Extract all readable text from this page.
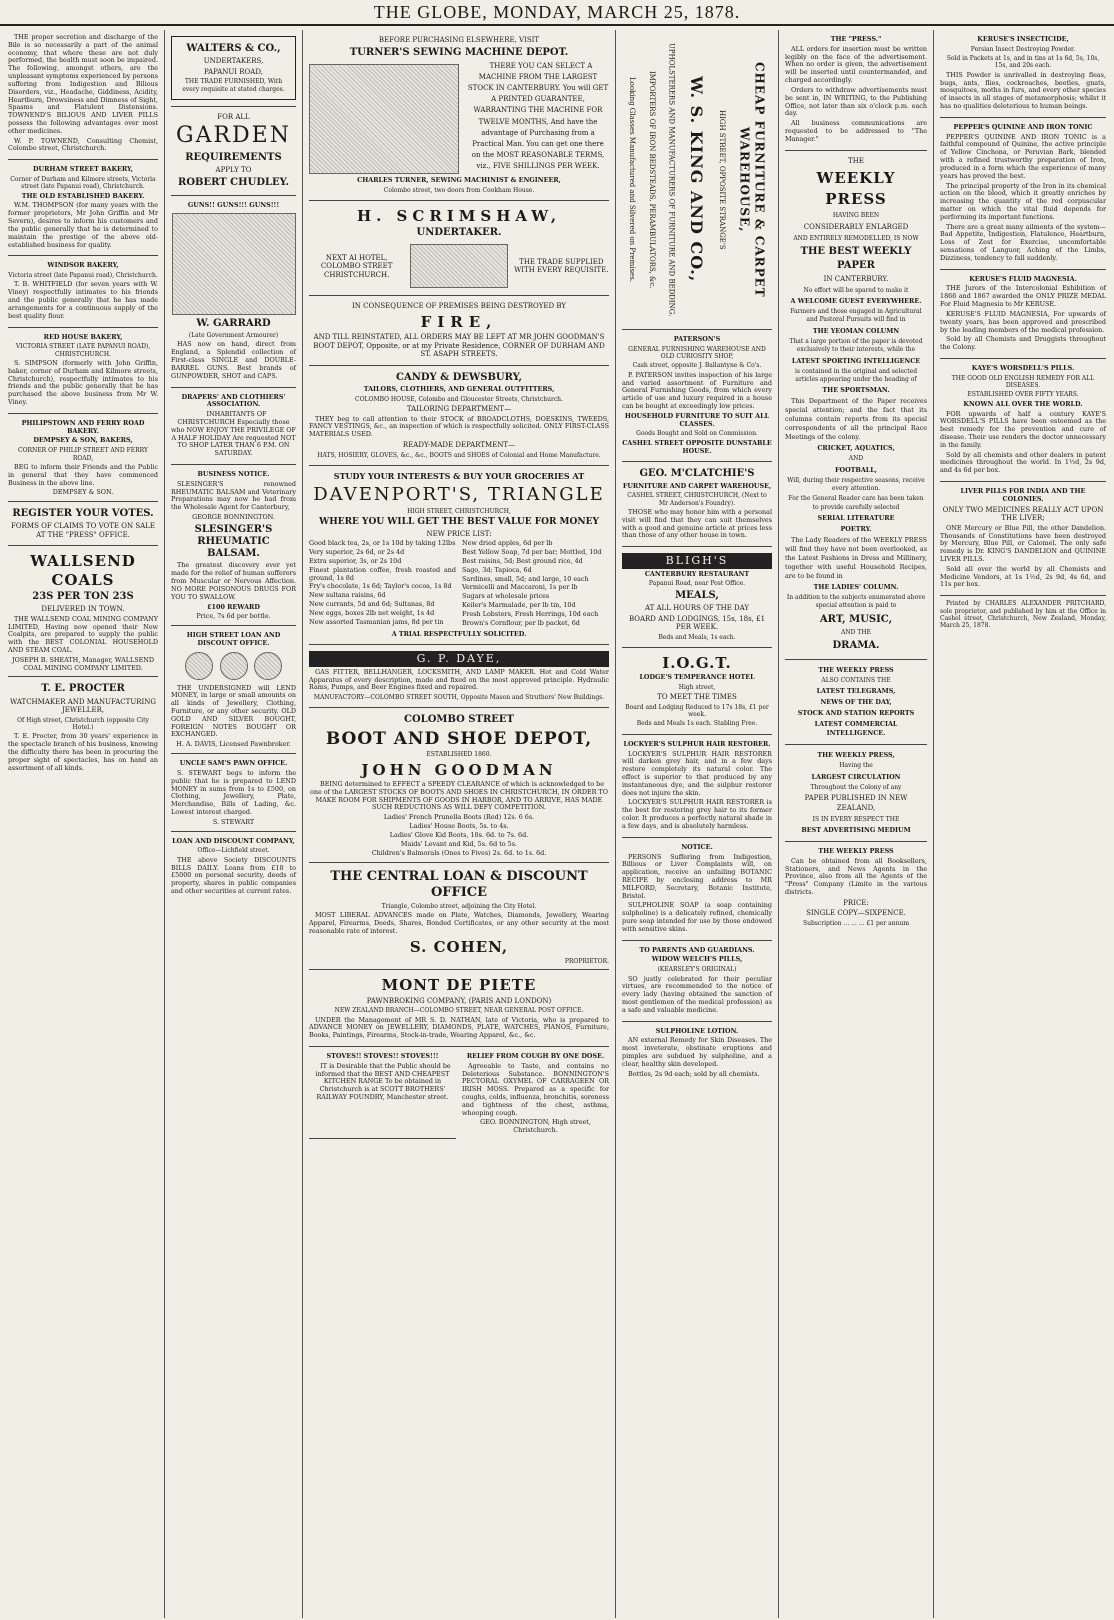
THE GLOBE, MONDAY, MARCH 25, 1878.

THE proper secretion and discharge of the Bile is so necessarily a part of the animal economy, that where these are not duly performed, the health must soon be impaired. The following, amongst others, are the unpleasant symptoms experienced by persons suffering from Indigestion and Bilious Disorders, viz., Headache, Giddiness, Acidity, Heartburn, Drowsiness and Dimness of Sight, Spasms and Flatulent Distensions. TOWNEND'S BILIOUS AND LIVER PILLS possess the following advantages over most other medicines.

W. P. TOWNEND, Consulting Chemist, Colombo street, Christchurch.

DURHAM STREET BAKERY,
Corner of Durham and Kilmore streets, Victoria street (late Papanui road), Christchurch.
THE OLD ESTABLISHED BAKERY.

W.M. THOMPSON (for many years with the former proprietors, Mr John Griffin and Mr Severn), desires to inform his customers and the public generally that he is determined to maintain the prestige of the above old-established business for quality.

WINDSOR BAKERY,
Victoria street (late Papanui road), Christchurch.

T. B. WHITFIELD (for seven years with W. Viney) respectfully intimates to his friends and the public generally that he has made arrangements for a continuous supply of the best quality flour.

RED HOUSE BAKERY,
VICTORIA STREET (LATE PAPANUI ROAD), CHRISTCHURCH.

S. SIMPSON (formerly with John Griffin, baker, corner of Durham and Kilmore streets, Christchurch), respectfully intimates to his friends and the public generally that he has purchased the above business from Mr W. Viney.

PHILIPSTOWN AND FERRY ROAD BAKERY.
DEMPSEY & SON, BAKERS,
CORNER OF PHILIP STREET AND FERRY ROAD,

BEG to inform their Friends and the Public in general that they have commenced Business in the above line.

DEMPSEY & SON.
REGISTER YOUR VOTES.
FORMS OF CLAIMS TO VOTE ON SALE AT THE "PRESS" OFFICE.
WALLSEND COALS
23S PER TON 23S
DELIVERED IN TOWN.

THE WALLSEND COAL MINING COMPANY LIMITED, Having now opened their New Coalpits, are prepared to supply the public with the BEST COLONIAL HOUSEHOLD AND STEAM COAL.

JOSEPH B. SHEATH, Manager, WALLSEND COAL MINING COMPANY LIMITED.
T. E. PROCTER
WATCHMAKER AND MANUFACTURING JEWELLER,
Of High street, Christchurch (opposite City Hotel.)

T. E. Procter, from 30 years' experience in the spectacle branch of his business, knowing the difficulty there has been in procuring the proper sight of spectacles, has on hand an assortment of all kinds.

WALTERS & CO.,
UNDERTAKERS,
PAPANUI ROAD,
THE TRADE FURNISHED, With every requisite at stated charges.
FOR ALL
GARDEN
REQUIREMENTS
APPLY TO
ROBERT CHUDLEY.
GUNS!! GUNS!!! GUNS!!!
W. GARRARD
(Late Government Armourer)

HAS now on hand, direct from England, a Splendid collection of First-class SINGLE and DOUBLE-BARREL GUNS. Best brands of GUNPOWDER, SHOT and CAPS.

DRAPERS' AND CLOTHIERS' ASSOCIATION.

INHABITANTS OF CHRISTCHURCH Especially those who NOW ENJOY THE PRIVILEGE OF A HALF HOLIDAY Are requested NOT TO SHOP LATER THAN 6 P.M. ON SATURDAY.

BUSINESS NOTICE.

SLESINGER'S renowned RHEUMATIC BALSAM and Veterinary Preparations may now be had from the Wholesale Agent for Canterbury,

GEORGE BONNINGTON.
SLESINGER'S RHEUMATIC BALSAM.

The greatest discovery ever yet made for the relief of human sufferers from Muscular or Nervous Affection. NO MORE POISONOUS DRUGS FOR YOU TO SWALLOW.

£100 REWARD
Price, 7s 6d per bottle.
HIGH STREET LOAN AND DISCOUNT OFFICE.

THE UNDERSIGNED will LEND MONEY, in large or small amounts on all kinds of Jewellery, Clothing, Furniture, or any other security. OLD GOLD AND SILVER BOUGHT, FOREIGN NOTES BOUGHT OR EXCHANGED.

H. A. DAVIS, Licensed Pawnbroker.
UNCLE SAM'S PAWN OFFICE.

S. STEWART begs to inform the public that he is prepared to LEND MONEY in sums from 1s to £500, on Clothing, Jewellery, Plate, Merchandise, Bills of Lading, &c. Lowest interest charged.

S. STEWART
LOAN AND DISCOUNT COMPANY,
Office—Lichfield street.

THE above Society DISCOUNTS BILLS DAILY. Loans from £10 to £5000 on personal security, deeds of property, shares in public companies and other securities at current rates.

BEFORE PURCHASING ELSEWHERE, VISIT
TURNER'S SEWING MACHINE DEPOT.

THERE YOU CAN SELECT A MACHINE FROM THE LARGEST STOCK IN CANTERBURY. You will GET A PRINTED GUARANTEE, WARRANTING THE MACHINE FOR TWELVE MONTHS, And have the advantage of Purchasing from a Practical Man. You can get one there on the MOST REASONABLE TERMS, viz., FIVE SHILLINGS PER WEEK.

CHARLES TURNER, SEWING MACHINIST & ENGINEER,
Colombo street, two doors from Cookham House.
H. SCRIMSHAW,
UNDERTAKER.
NEXT AI HOTEL, COLOMBO STREET CHRISTCHURCH.
THE TRADE SUPPLIED WITH EVERY REQUISITE.
IN CONSEQUENCE OF PREMISES BEING DESTROYED BY
FIRE,
AND TILL REINSTATED, ALL ORDERS MAY BE LEFT AT MR JOHN GOODMAN'S BOOT DEPOT, Opposite, or at my Private Residence, CORNER OF DURHAM AND ST. ASAPH STREETS.
CANDY & DEWSBURY,
TAILORS, CLOTHIERS, AND GENERAL OUTFITTERS,
COLOMBO HOUSE, Colombo and Gloucester Streets, Christchurch.
TAILORING DEPARTMENT—

THEY beg to call attention to their STOCK of BROADCLOTHS, DOESKINS, TWEEDS, FANCY VESTINGS, &c., an inspection of which is respectfully solicited. ONLY FIRST-CLASS MATERIALS USED.

READY-MADE DEPARTMENT—
HATS, HOSIERY, GLOVES, &c., &c., BOOTS and SHOES of Colonial and Home Manufacture.
STUDY YOUR INTERESTS & BUY YOUR GROCERIES AT
DAVENPORT'S, TRIANGLE
HIGH STREET, CHRISTCHURCH,
WHERE YOU WILL GET THE BEST VALUE FOR MONEY
NEW PRICE LIST:

Good black tea, 2s, or 1s 10d by taking 12lbs

Very superior, 2s 6d, or 2s 4d

Extra superior, 3s, or 2s 10d

Finest plantation coffee, fresh roasted and ground, 1s 8d

Fry's chocolate, 1s 6d; Taylor's cocoa, 1s 8d

New sultana raisins, 6d

New currants, 5d and 6d; Sultanas, 8d

New eggs, boxes 2lb net weight, 1s 4d

New assorted Tasmanian jams, 8d per tin

New dried apples, 6d per lb

Best Yellow Soap, 7d per bar; Mottled, 10d

Best raisins, 5d; Best ground rice, 4d

Sago, 3d; Tapioca, 6d

Sardines, small, 5d; and large, 10 each

Vermicelli and Maccaroni, 1s per lb

Sugars at wholesale prices

Keiler's Marmalade, per lb tin, 10d

Fresh Lobsters, Fresh Herrings, 10d each

Brown's Cornflour, per lb packet, 6d

A TRIAL RESPECTFULLY SOLICITED.
G. P. DAYE,

GAS FITTER, BELLHANGER, LOCKSMITH, AND LAMP MAKER. Hot and Cold Water Apparatus of every description, made and fixed on the most approved principle. Hydraulic Rams, Pumps, and Beer Engines fixed and repaired.

MANUFACTORY—COLOMBO STREET SOUTH, Opposite Mason and Struthers' New Buildings.
COLOMBO STREET
BOOT AND SHOE DEPOT,
ESTABLISHED 1860.
JOHN GOODMAN

BEING determined to EFFECT a SPEEDY CLEARANCE of which is acknowledged to be one of the LARGEST STOCKS OF BOOTS AND SHOES IN CHRISTCHURCH, IN ORDER TO MAKE ROOM FOR SHIPMENTS OF GOODS IN HARBOR, AND TO ARRIVE, HAS MADE SUCH REDUCTIONS AS WILL DEFY COMPETITION.

Ladies' French Prunella Boots (Red) 12s. 6 6s.

Ladies' House Boots, 5s. to 4s.

Ladies' Glove Kid Boots, 10s. 6d. to 7s. 6d.

Maids' Levant and Kid, 5s. 6d to 5s.

Children's Balmorals (Ones to Fives) 2s. 6d. to 1s. 6d.

THE CENTRAL LOAN & DISCOUNT OFFICE
Triangle, Colombo street, adjoining the City Hotel.

MOST LIBERAL ADVANCES made on Plate, Watches, Diamonds, Jewellery, Wearing Apparel, Firearms, Deeds, Shares, Bonded Certificates, or any other security at the most reasonable rate of interest.

S. COHEN,
PROPRIETOR.
MONT DE PIETE
PAWNBROKING COMPANY, (PARIS AND LONDON)
NEW ZEALAND BRANCH—COLOMBO STREET, NEAR GENERAL POST OFFICE.

UNDER the Management of MR S. D. NATHAN, late of Victoria, who is prepared to ADVANCE MONEY on JEWELLERY, DIAMONDS, PLATE, WATCHES, PIANOS, Furniture, Books, Paintings, Firearms, Stock-in-trade, Wearing Apparel, &c., &c.

STOVES!! STOVES!! STOVES!!!

IT is Desirable that the Public should be informed that the BEST AND CHEAPEST KITCHEN RANGE To be obtained in Christchurch is at SCOTT BROTHERS' RAILWAY FOUNDRY, Manchester street.

RELIEF FROM COUGH BY ONE DOSE.

Agreeable to Taste, and contains no Deleterious Substance. BONNINGTON'S PECTORAL OXYMEL OF CARRAGEEN OR IRISH MOSS. Prepared as a specific for coughs, colds, influenza, bronchitis, soreness and tightness of the chest, asthma, whooping cough.

GEO. BONNINGTON, High street, Christchurch.
CHEAP FURNITURE & CARPET WAREHOUSE,
HIGH STREET, OPPOSITE STRANGE'S
W. S. KING AND CO.,
UPHOLSTERERS AND MANUFACTURERS OF FURNITURE AND BEDDING.
IMPORTERS OF IRON BEDSTEADS, PERAMBULATORS, &c.
Looking Glasses Manufactured and Silvered on Premises.
PATERSON'S
GENERAL FURNISHING WAREHOUSE AND OLD CURIOSITY SHOP,
Cash street, opposite J. Ballantyne & Co's.

P. PATERSON invites inspection of his large and varied assortment of Furniture and General Furnishing Goods, from which every article of use and luxury required in a house can be bought at exceedingly low prices.

HOUSEHOLD FURNITURE TO SUIT ALL CLASSES.
Goods Bought and Sold on Commission.
CASHEL STREET OPPOSITE DUNSTABLE HOUSE.
GEO. M'CLATCHIE'S
FURNITURE AND CARPET WAREHOUSE,
CASHEL STREET, CHRISTCHURCH, (Next to Mr Anderson's Foundry).

THOSE who may honor him with a personal visit will find that they can suit themselves with a good and genuine article at prices less than those of any other house in town.

BLIGH'S
CANTERBURY RESTAURANT
Papanui Road, near Post Office.
MEALS,
AT ALL HOURS OF THE DAY
BOARD AND LODGINGS, 15s, 18s, £1 PER WEEK.
Beds and Meals, 1s each.
I.O.G.T.
LODGE'S TEMPERANCE HOTEL
High street,
TO MEET THE TIMES
Board and Lodging Reduced to 17s 18s, £1 per week.
Beds and Meals 1s each. Stabling Free.
LOCKYER'S SULPHUR HAIR RESTORER.

LOCKYER'S SULPHUR HAIR RESTORER will darken grey hair, and in a few days restore completely its natural color. The effect is superior to that produced by any instantaneous dye, and the sulphur restorer does not injure the skin.

LOCKYER'S SULPHUR HAIR RESTORER is the best for restoring grey hair to its former color. It produces a perfectly natural shade in a few days, and is absolutely harmless.

NOTICE.

PERSONS Suffering from Indigestion, Billious or Liver Complaints will, on application, receive an unfailing BOTANIC RECIPE by enclosing address to MR MILFORD, Secretary, Botanic Institute, Bristol.

SULPHOLINE SOAP (a soap containing sulpholine) is a delicately refined, chemically pure soap intended for use by those endowed with sensitive skins.

TO PARENTS AND GUARDIANS.
WIDOW WELCH'S PILLS,
(KEARSLEY'S ORIGINAL)

SO justly celebrated for their peculiar virtues, are recommended to the notice of every lady (having obtained the sanction of most gentlemen of the medical profession) as a safe and valuable medicine.

SULPHOLINE LOTION.

AN external Remedy for Skin Diseases. The most inveterate, obstinate eruptions and pimples are subdued by sulpholine, and a clear, healthy skin developed.

Bottles, 2s 9d each; sold by all chemists.

THE "PRESS."

ALL orders for insertion must be written legibly on the face of the advertisement. When no order is given, the advertisement will be inserted until countermanded, and charged accordingly.

Orders to withdraw advertisements must be sent in, IN WRITING, to the Publishing Office, not later than six o'clock p.m. each day.

All business communications are requested to be addressed to "The Manager."

THE
WEEKLY PRESS
HAVING BEEN
CONSIDERABLY ENLARGED
AND ENTIRELY REMODELLED, IS NOW
THE BEST WEEKLY PAPER
IN CANTERBURY.
No effort will be spared to make it
A WELCOME GUEST EVERYWHERE.
Farmers and those engaged in Agricultural and Pastoral Pursuits will find in
THE YEOMAN COLUMN
That a large portion of the paper is devoted exclusively to their interests, while the
LATEST SPORTING INTELLIGENCE
is contained in the original and selected articles appearing under the heading of
THE SPORTSMAN.

This Department of the Paper receives special attention; and the fact that its columns contain reports from its special correspondents of all the principal Race Meetings of the colony.

CRICKET, AQUATICS,
AND
FOOTBALL,
Will, during their respective seasons, receive every attention.
For the General Reader care has been taken to provide carefully selected
SERIAL LITERATURE
POETRY.

The Lady Readers of the WEEKLY PRESS will find they have not been overlooked, as the Latest Fashions in Dress and Millinery, together with useful Household Recipes, are to be found in

THE LADIES' COLUMN.
In addition to the subjects enumerated above special attention is paid to
ART, MUSIC,
AND THE
DRAMA.
THE WEEKLY PRESS
ALSO CONTAINS THE
LATEST TELEGRAMS,
NEWS OF THE DAY,
STOCK AND STATION REPORTS
LATEST COMMERCIAL INTELLIGENCE.
THE WEEKLY PRESS,
Having the
LARGEST CIRCULATION
Throughout the Colony of any
PAPER PUBLISHED IN NEW ZEALAND,
IS IN EVERY RESPECT THE
BEST ADVERTISING MEDIUM
THE WEEKLY PRESS

Can be obtained from all Booksellers, Stationers, and News Agents in the Province, also from all the Agents of the "Press" Company (Limite in the various districts.

PRICE:
SINGLE COPY—SIXPENCE.
Subscription ... ... ... £1 per annum
KERUSE'S INSECTICIDE,
Persian Insect Destroying Powder.
Sold in Packets at 1s, and in tins at 1s 6d, 5s, 10s, 15s, and 20s each.

THIS Powder is unrivalled in destroying fleas, bugs, ants, flies, cockroaches, beetles, gnats, mosquitoes, moths in furs, and every other species of insects in all stages of metamorphosis; whilst it has no qualities deleterious to human beings.

PEPPER'S QUININE AND IRON TONIC

PEPPER'S QUININE AND IRON TONIC is a faithful compound of Quinine, the active principle of Yellow Cinchona, or Peruvian Bark, blended with a refined trustworthy preparation of Iron, produced in a form which the experience of many years has proved the best.

The principal property of the Iron in its chemical action on the blood, which it greatly enriches by increasing the quantity of the red corpuscular matter on which the vital fluid depends for performing its important functions.

There are a great many ailments of the system—Bad Appetite, Indigestion, Flatulence, Heartburn, Loss of Zest for Exercise, uncomfortable sensations of Languor, Aching of the Limbs, Dizziness, tendency to fall suddenly.

KERUSE'S FLUID MAGNESIA.

THE Jurors of the Intercolonial Exhibition of 1866 and 1867 awarded the ONLY PRIZE MEDAL For Fluid Magnesia to Mr KERUSE.

KERUSE'S FLUID MAGNESIA, For upwards of twenty years, has been approved and prescribed by the leading members of the medical profession.

Sold by all Chemists and Druggists throughout the Colony.

KAYE'S WORSDELL'S PILLS.
THE GOOD OLD ENGLISH REMEDY FOR ALL DISEASES.
ESTABLISHED OVER FIFTY YEARS.
KNOWN ALL OVER THE WORLD.

FOR upwards of half a century KAYE'S WORSDELL'S PILLS have been esteemed as the best remedy for the prevention and cure of disease. Their use renders the doctor unnecessary in the family.

Sold by all chemists and other dealers in patent medicines throughout the world. In 1½d, 2s 9d, and 4s 6d per box.

LIVER PILLS FOR INDIA AND THE COLONIES.
ONLY TWO MEDICINES REALLY ACT UPON THE LIVER;

ONE Mercury or Blue Pill, the other Dandelion. Thousands of Constitutions have been destroyed by Mercury, Blue Pill, or Calomel. The only safe remedy is Dr. KING'S DANDELION and QUININE LIVER PILLS.

Sold all over the world by all Chemists and Medicine Vendors, at 1s 1½d, 2s 9d, 4s 6d, and 11s per box.

Printed by CHARLES ALEXANDER PRITCHARD, sole proprietor, and published by him at the Office in Cashel street, Christchurch, New Zealand, Monday, March 25, 1878.
